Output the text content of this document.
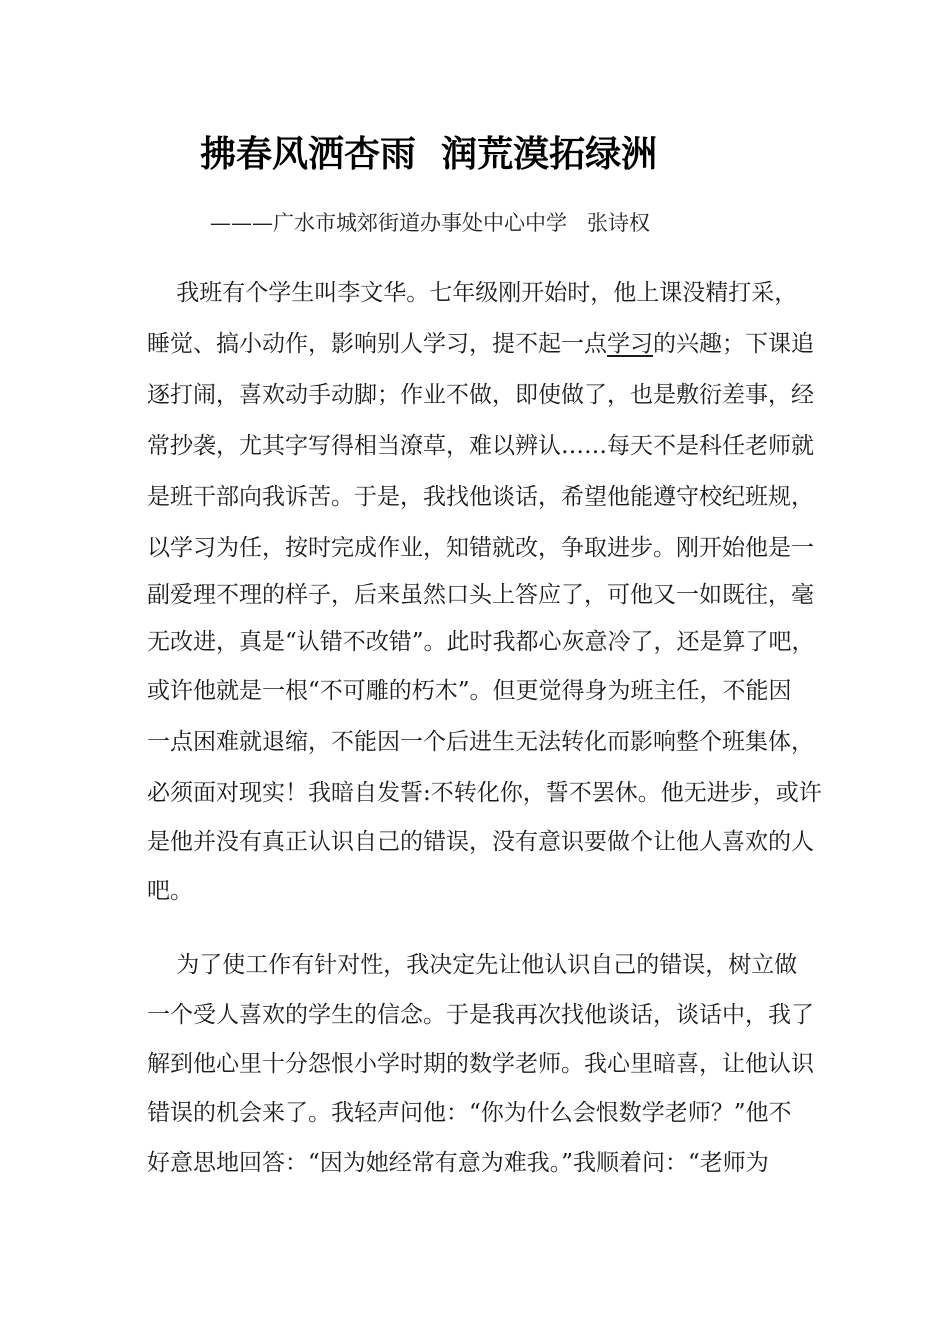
拂春风洒杏雨  润荒漠拓绿洲
———广水市城郊街道办事处中心中学   张诗权
我班有个学生叫李文华。七年级刚开始时，他上课没精打采，
睡觉、搞小动作，影响别人学习，提不起一点学习的兴趣；下课追
逐打闹，喜欢动手动脚；作业不做，即使做了，也是敷衍差事，经
常抄袭，尤其字写得相当潦草，难以辨认……每天不是科任老师就
是班干部向我诉苦。于是，我找他谈话，希望他能遵守校纪班规，
以学习为任，按时完成作业，知错就改，争取进步。刚开始他是一
副爱理不理的样子，后来虽然口头上答应了，可他又一如既往，毫
无改进，真是“认错不改错”。此时我都心灰意冷了，还是算了吧，
或许他就是一根“不可雕的朽木”。但更觉得身为班主任，不能因
一点困难就退缩，不能因一个后进生无法转化而影响整个班集体，
必须面对现实！我暗自发誓:不转化你，誓不罢休。他无进步，或许
是他并没有真正认识自己的错误，没有意识要做个让他人喜欢的人
吧。
为了使工作有针对性，我决定先让他认识自己的错误，树立做
一个受人喜欢的学生的信念。于是我再次找他谈话，谈话中，我了
解到他心里十分怨恨小学时期的数学老师。我心里暗喜，让他认识
错误的机会来了。我轻声问他：“你为什么会恨数学老师？”他不
好意思地回答：“因为她经常有意为难我。”我顺着问：“老师为
